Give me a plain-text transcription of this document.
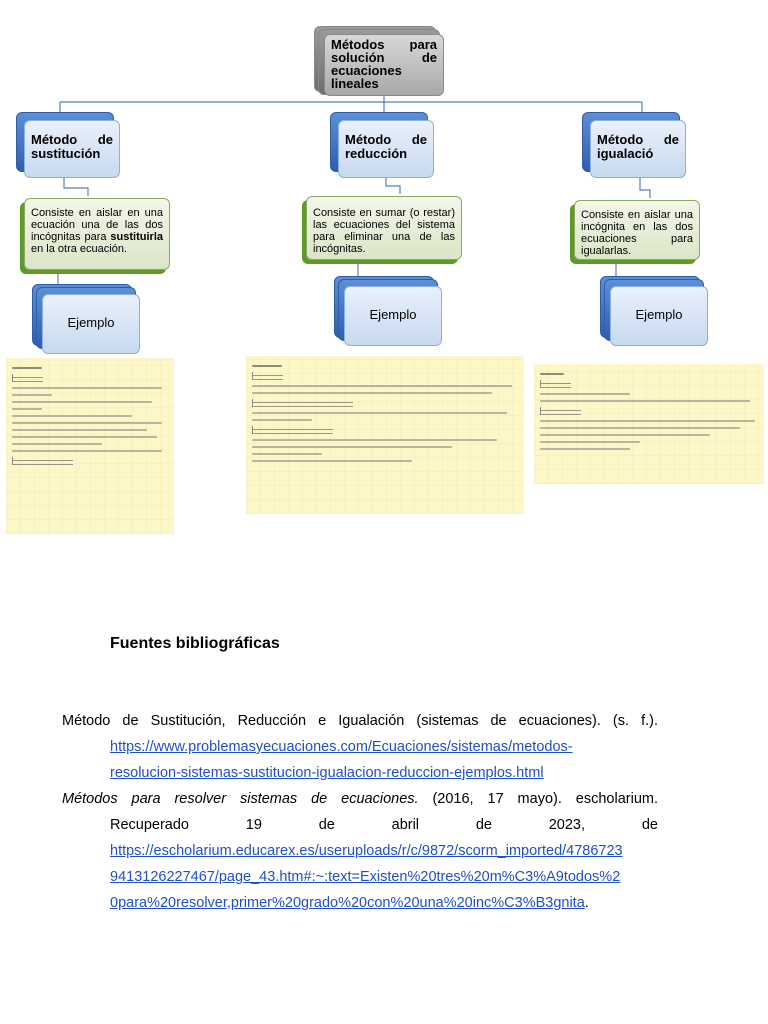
Métodos para solución de ecuaciones lineales
Método de sustitución
Consiste en aislar en una ecuación una de las dos incógnitas para sustituirla en la otra ecuación.
Ejemplo
Método de reducción
Consiste en sumar (o restar) las ecuaciones del sistema para eliminar una de las incógnitas.
Ejemplo
Método de igualació
Consiste en aislar una incógnita en las dos ecuaciones para igualarlas.
Ejemplo
Fuentes bibliográficas
Método de Sustitución, Reducción e Igualación (sistemas de ecuaciones). (s. f.).
https://www.problemasyecuaciones.com/Ecuaciones/sistemas/metodos-
resolucion-sistemas-sustitucion-igualacion-reduccion-ejemplos.html
Métodos para resolver sistemas de ecuaciones. (2016, 17 mayo). escholarium.
Recuperado	19	de	abril	de	2023,	de
https://escholarium.educarex.es/useruploads/r/c/9872/scorm_imported/4786723
9413126227467/page_43.htm#:~:text=Existen%20tres%20m%C3%A9todos%2
0para%20resolver,primer%20grado%20con%20una%20inc%C3%B3gnita.
